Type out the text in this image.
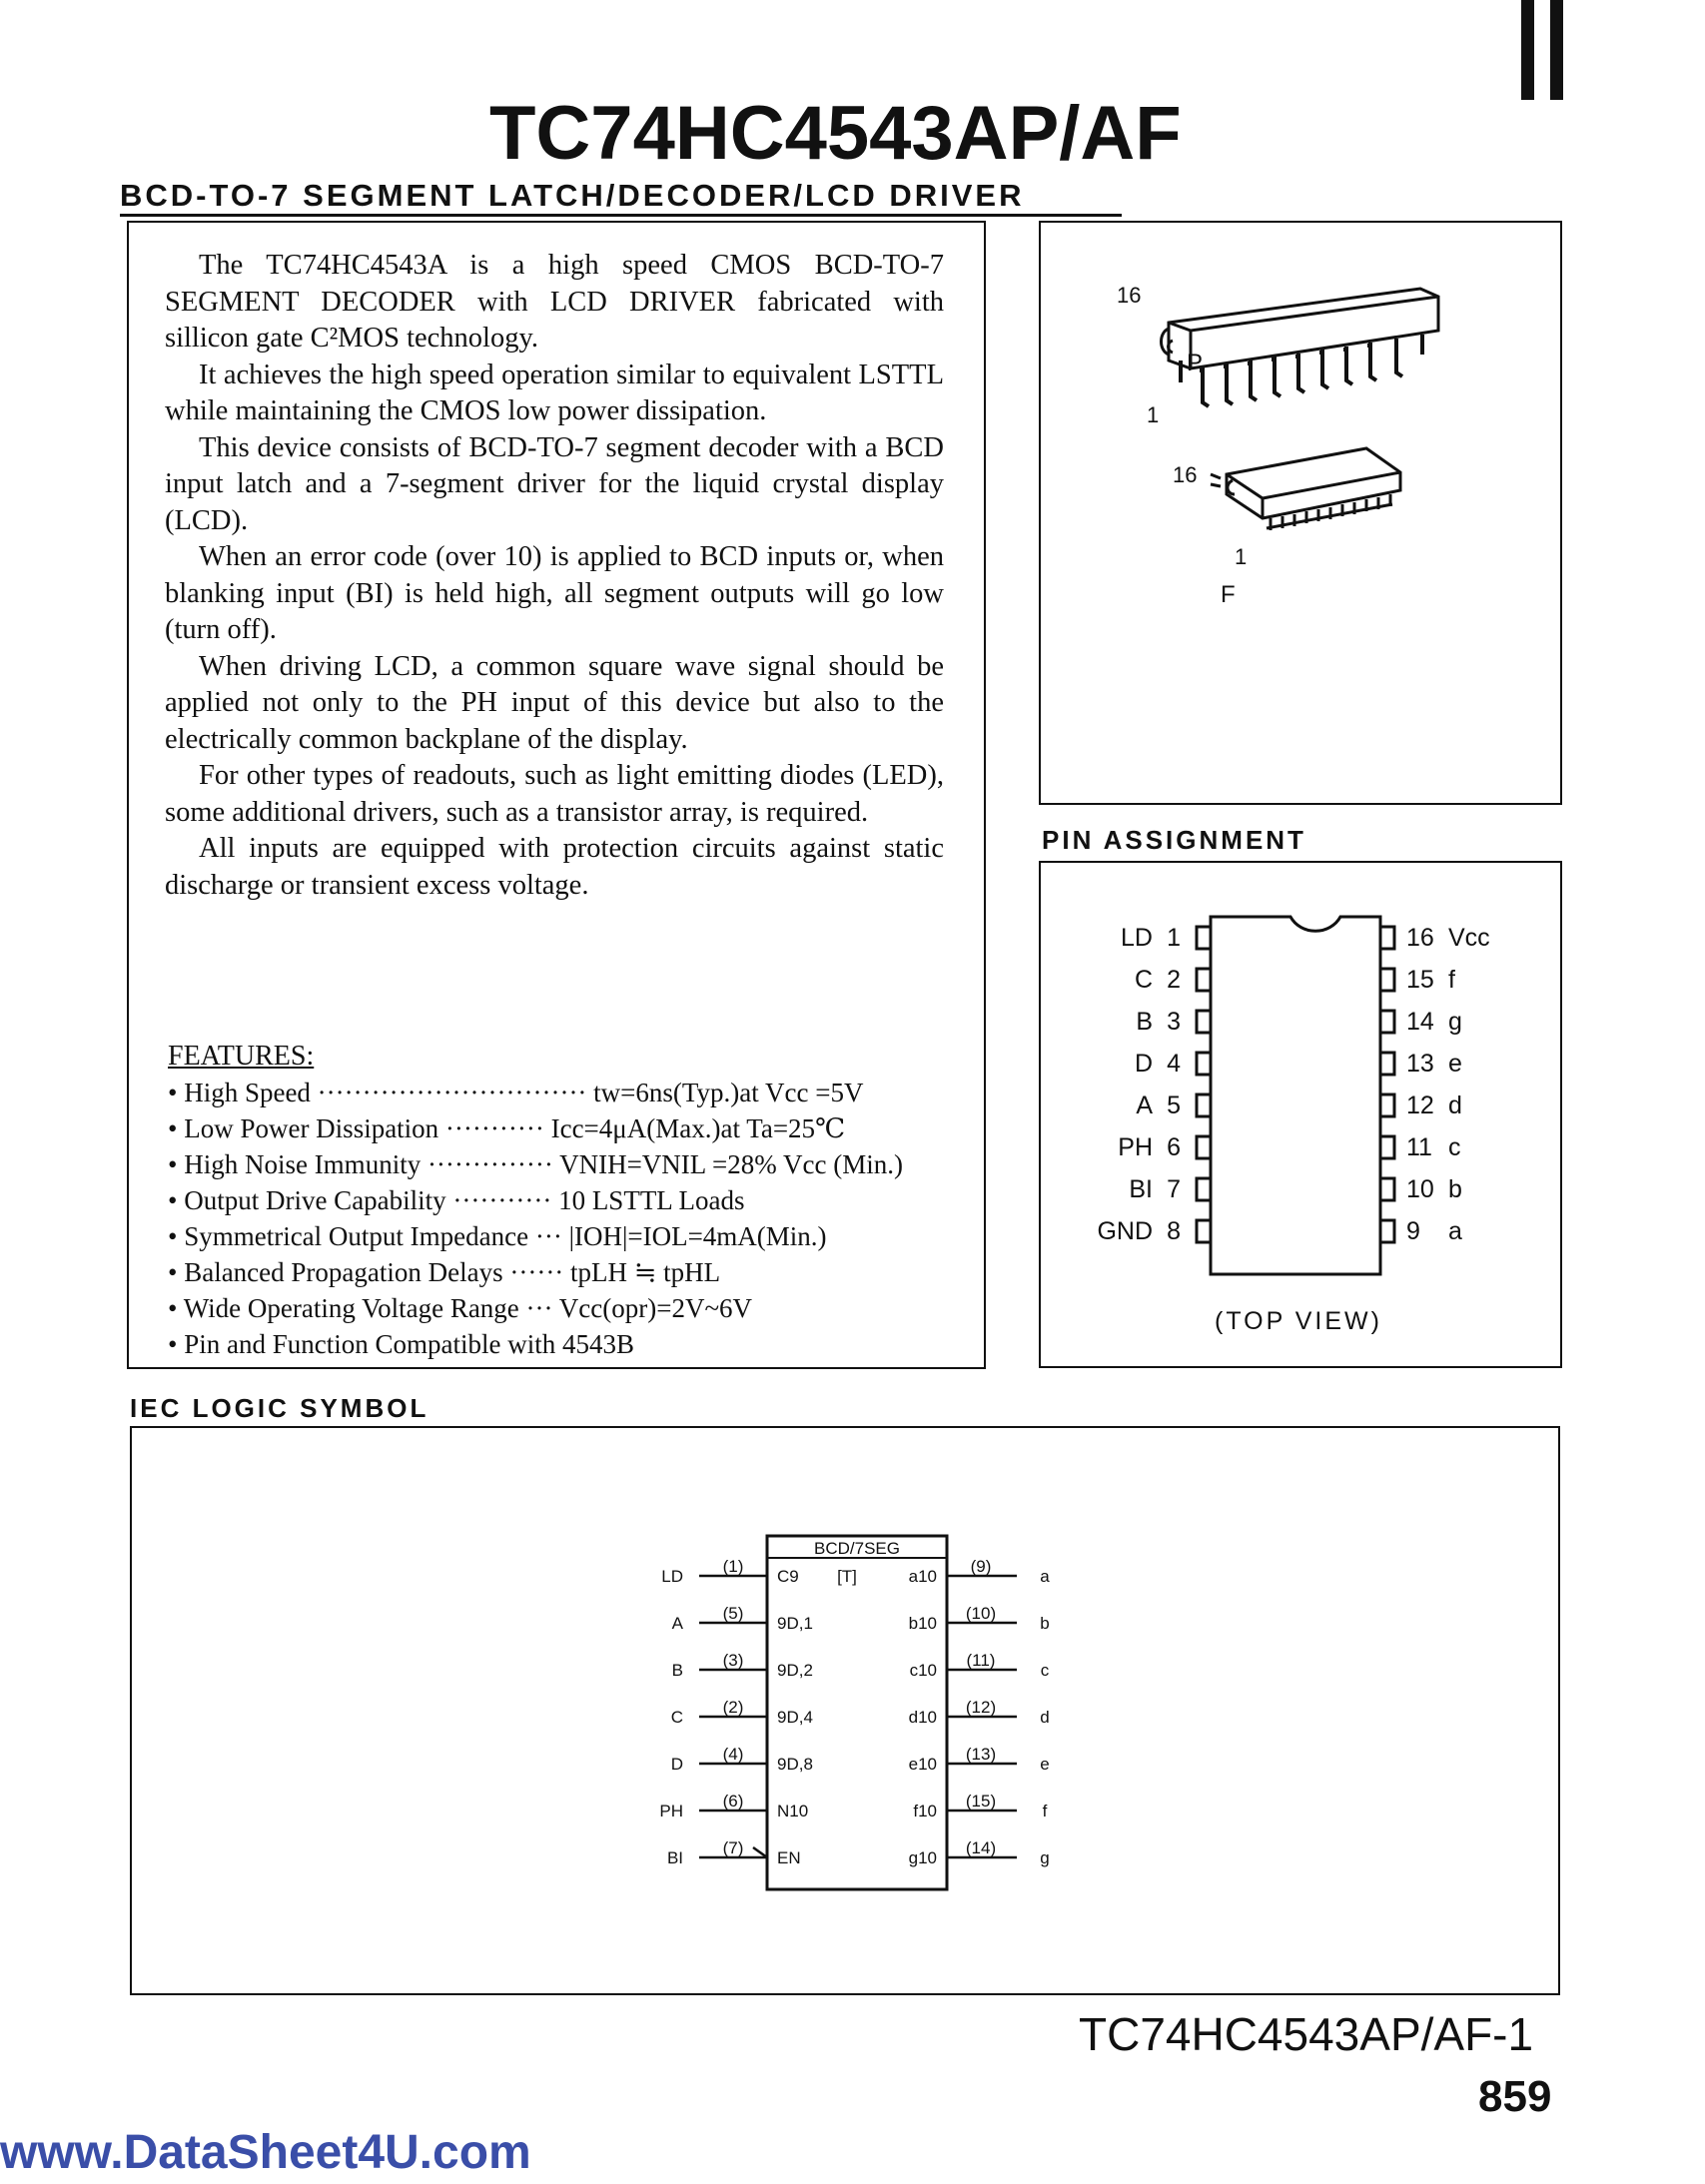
TC74HC4543AP/AF
BCD-TO-7 SEGMENT LATCH/DECODER/LCD DRIVER

The TC74HC4543A is a high speed CMOS BCD-TO-7 SEGMENT DECODER with LCD DRIVER fabricated with sillicon gate C²MOS technology.

It achieves the high speed operation similar to equivalent LSTTL while maintaining the CMOS low power dissipation.

This device consists of BCD-TO-7 segment decoder with a BCD input latch and a 7-segment driver for the liquid crystal display (LCD).

When an error code (over 10) is applied to BCD inputs or, when blanking input (BI) is held high, all segment outputs will go low (turn off).

When driving LCD, a common square wave signal should be applied not only to the PH input of this device but also to the electrically common backplane of the display.

For other types of readouts, such as light emitting diodes (LED), some additional drivers, such as a transistor array, is required.

All inputs are equipped with protection circuits against static discharge or transient excess voltage.

FEATURES:
• High Speed ······························ tw=6ns(Typ.)at Vcc =5V
• Low Power Dissipation ··········· Icc=4μA(Max.)at Ta=25℃
• High Noise Immunity ·············· VNIH=VNIL =28% Vcc (Min.)
• Output Drive Capability ··········· 10 LSTTL Loads
• Symmetrical Output Impedance ··· |IOH|=IOL=4mA(Min.)
• Balanced Propagation Delays ······ tpLH ≒ tpHL
• Wide Operating Voltage Range ··· Vcc(opr)=2V~6V
• Pin and Function Compatible with 4543B
16
1
P
16
1
F
PIN ASSIGNMENT
1
LD
2
C
3
B
4
D
5
A
6
PH
7
BI
8
GND
16 Vcc
15 f
14 g
13 e
12 d
11 c
10 b
9 a
(TOP VIEW)
IEC LOGIC SYMBOL
BCD/7SEG
LD
(1)
C9 [T]
A
(5)
9D,1
B
(3)
9D,2
C
(2)
9D,4
D
(4)
9D,8
PH
(6)
N10
BI
(7)
EN
a10
(9)
a
b10
(10)
b
c10
(11)
c
d10
(12)
d
e10
(13)
e
f10
(15)
f
g10
(14)
g
TC74HC4543AP/AF-1
859
www.DataSheet4U.com
